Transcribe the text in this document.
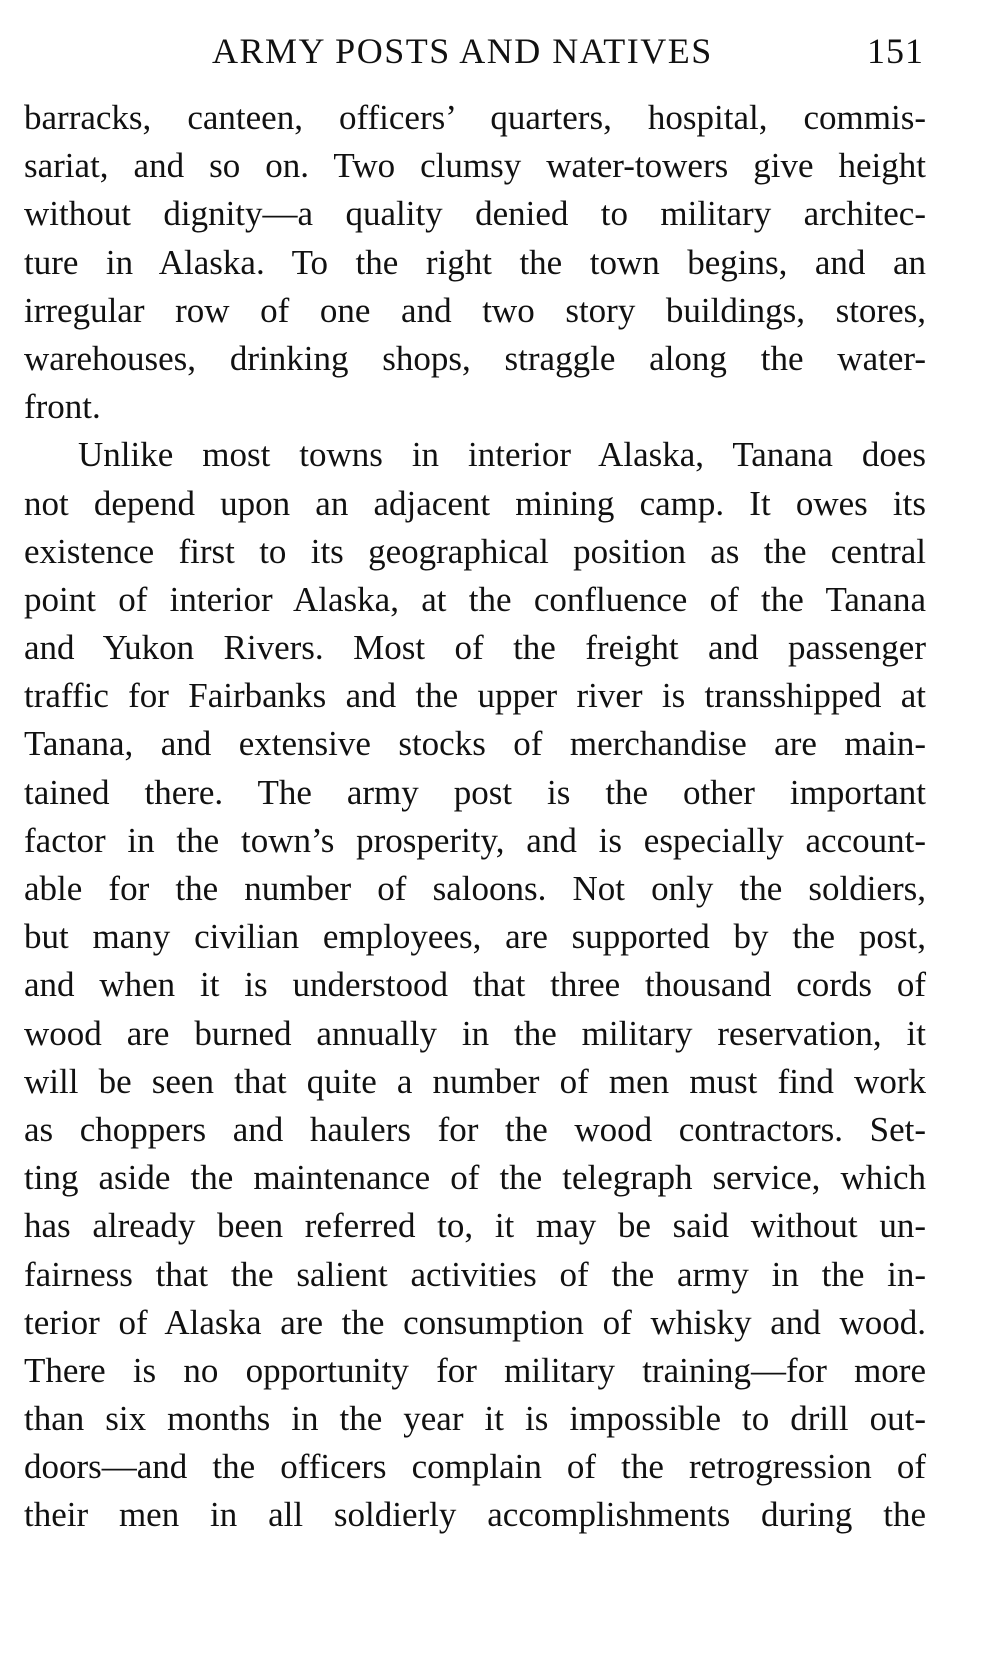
ARMY POSTS AND NATIVES	151
barracks, canteen, officers’ quarters, hospital, commis-
sariat, and so on. Two clumsy water-towers give height
without dignity—a quality denied to military architec-
ture in Alaska. To the right the town begins, and an
irregular row of one and two story buildings, stores,
warehouses, drinking shops, straggle along the water-
front.
Unlike most towns in interior Alaska, Tanana does
not depend upon an adjacent mining camp. It owes its
existence first to its geographical position as the central
point of interior Alaska, at the confluence of the Tanana
and Yukon Rivers. Most of the freight and passenger
traffic for Fairbanks and the upper river is transshipped at
Tanana, and extensive stocks of merchandise are main-
tained there. The army post is the other important
factor in the town’s prosperity, and is especially account-
able for the number of saloons. Not only the soldiers,
but many civilian employees, are supported by the post,
and when it is understood that three thousand cords of
wood are burned annually in the military reservation, it
will be seen that quite a number of men must find work
as choppers and haulers for the wood contractors. Set-
ting aside the maintenance of the telegraph service, which
has already been referred to, it may be said without un-
fairness that the salient activities of the army in the in-
terior of Alaska are the consumption of whisky and wood.
There is no opportunity for military training—for more
than six months in the year it is impossible to drill out-
doors—and the officers complain of the retrogression of
their men in all soldierly accomplishments during the
